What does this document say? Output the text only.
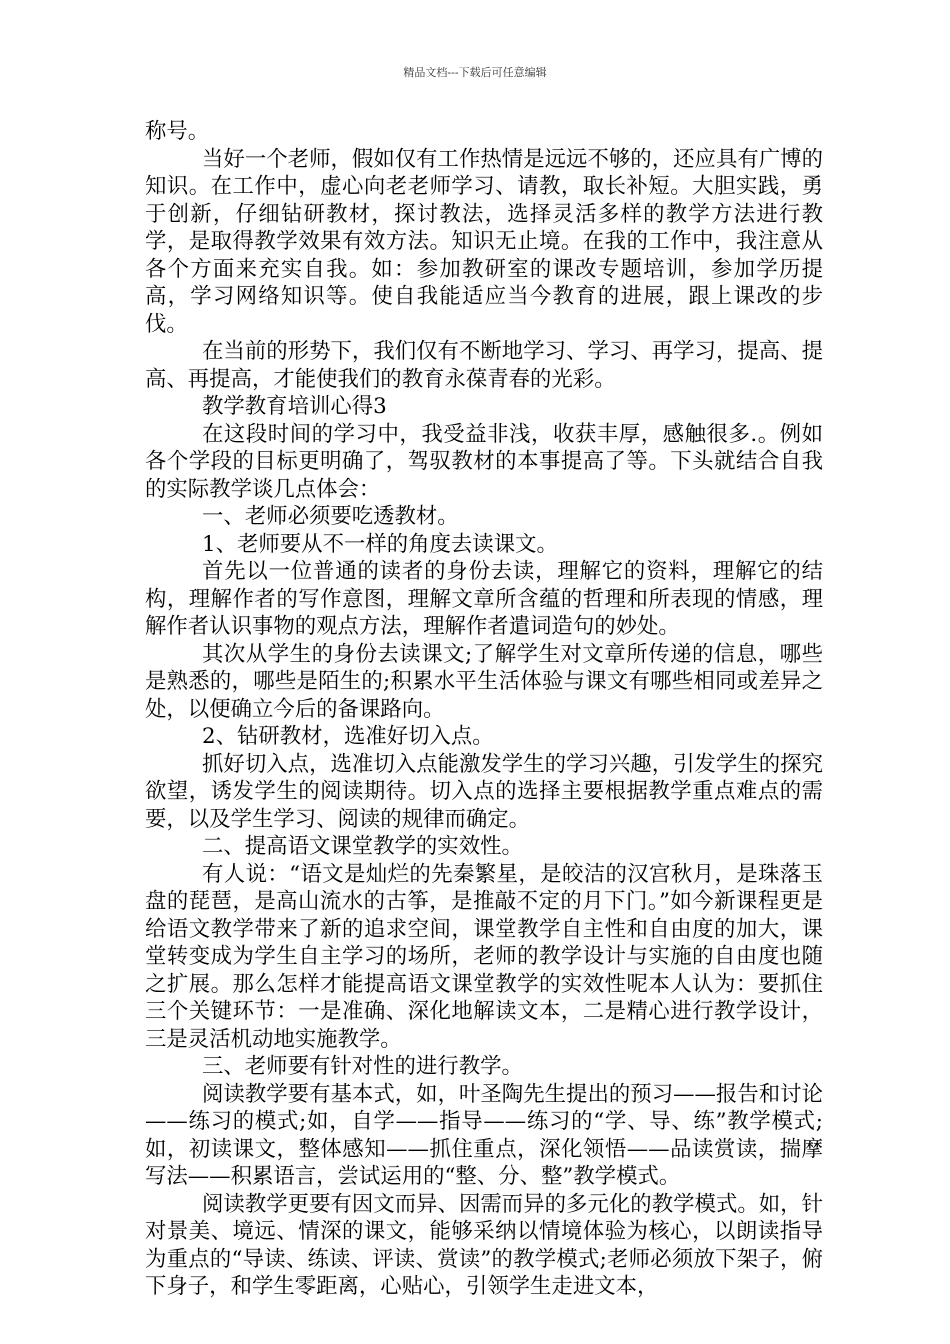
精品文档---下载后可任意编辑

称号。

当好一个老师，假如仅有工作热情是远远不够的，还应具有广博的知识。在工作中，虚心向老老师学习、请教，取长补短。大胆实践，勇于创新，仔细钻研教材，探讨教法，选择灵活多样的教学方法进行教学，是取得教学效果有效方法。知识无止境。在我的工作中，我注意从各个方面来充实自我。如：参加教研室的课改专题培训，参加学历提高，学习网络知识等。使自我能适应当今教育的进展，跟上课改的步伐。

在当前的形势下，我们仅有不断地学习、学习、再学习，提高、提高、再提高，才能使我们的教育永葆青春的光彩。

教学教育培训心得3

在这段时间的学习中，我受益非浅，收获丰厚，感触很多.。例如各个学段的目标更明确了，驾驭教材的本事提高了等。下头就结合自我的实际教学谈几点体会：

一、老师必须要吃透教材。

1、老师要从不一样的角度去读课文。

首先以一位普通的读者的身份去读，理解它的资料，理解它的结构，理解作者的写作意图，理解文章所含蕴的哲理和所表现的情感，理解作者认识事物的观点方法，理解作者遣词造句的妙处。

其次从学生的身份去读课文;了解学生对文章所传递的信息，哪些是熟悉的，哪些是陌生的;积累水平生活体验与课文有哪些相同或差异之处，以便确立今后的备课路向。

2、钻研教材，选准好切入点。

抓好切入点，选准切入点能激发学生的学习兴趣，引发学生的探究欲望，诱发学生的阅读期待。切入点的选择主要根据教学重点难点的需要，以及学生学习、阅读的规律而确定。

二、提高语文课堂教学的实效性。

有人说：“语文是灿烂的先秦繁星，是皎洁的汉宫秋月，是珠落玉盘的琵琶，是高山流水的古筝，是推敲不定的月下门。”如今新课程更是给语文教学带来了新的追求空间，课堂教学自主性和自由度的加大，课堂转变成为学生自主学习的场所，老师的教学设计与实施的自由度也随之扩展。那么怎样才能提高语文课堂教学的实效性呢本人认为：要抓住三个关键环节：一是准确、深化地解读文本，二是精心进行教学设计，三是灵活机动地实施教学。

三、老师要有针对性的进行教学。

阅读教学要有基本式，如，叶圣陶先生提出的预习——报告和讨论——练习的模式;如，自学——指导——练习的“学、导、练”教学模式;如，初读课文，整体感知——抓住重点，深化领悟——品读赏读，揣摩写法——积累语言，尝试运用的“整、分、整”教学模式。

阅读教学更要有因文而异、因需而异的多元化的教学模式。如，针对景美、境远、情深的课文，能够采纳以情境体验为核心，以朗读指导为重点的“导读、练读、评读、赏读”的教学模式;老师必须放下架子，俯下身子，和学生零距离，心贴心，引领学生走进文本，
